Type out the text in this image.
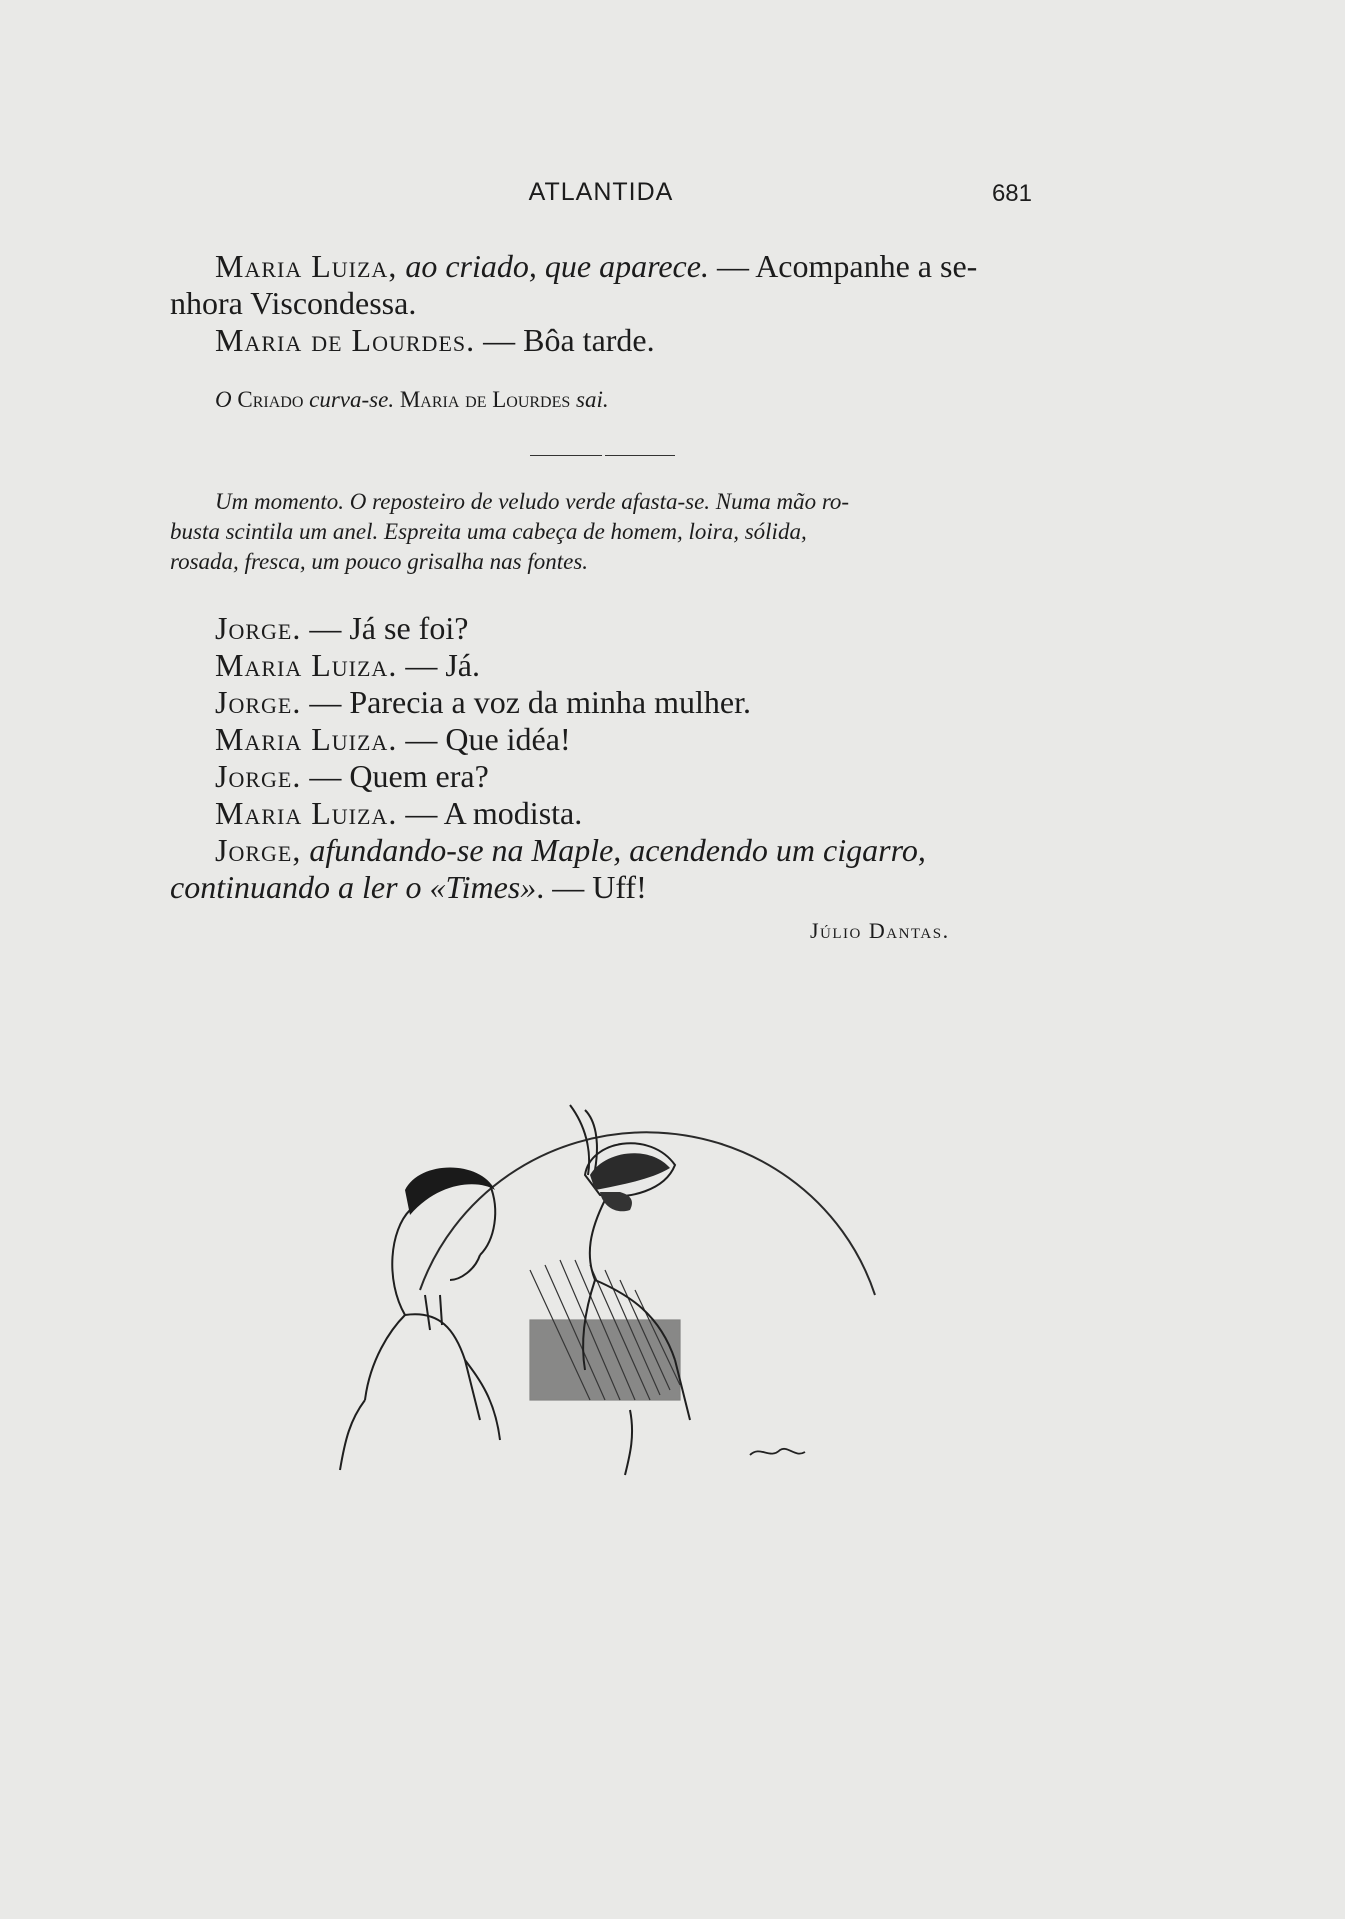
ATLANTIDA	681
Maria Luiza, ao criado, que aparece. — Acompanhe a se-
nhora Viscondessa.
Maria de Lourdes. — Bôa tarde.
O Criado curva-se. Maria de Lourdes sai.
Um momento. O reposteiro de veludo verde afasta-se. Numa mão ro-
busta scintila um anel. Espreita uma cabeça de homem, loira, sólida,
rosada, fresca, um pouco grisalha nas fontes.
Jorge. — Já se foi?
Maria Luiza. — Já.
Jorge. — Parecia a voz da minha mulher.
Maria Luiza. — Que idéa!
Jorge. — Quem era?
Maria Luiza. — A modista.
Jorge, afundando-se na Maple, acendendo um cigarro,
continuando a ler o «Times». — Uff!
Júlio Dantas.
